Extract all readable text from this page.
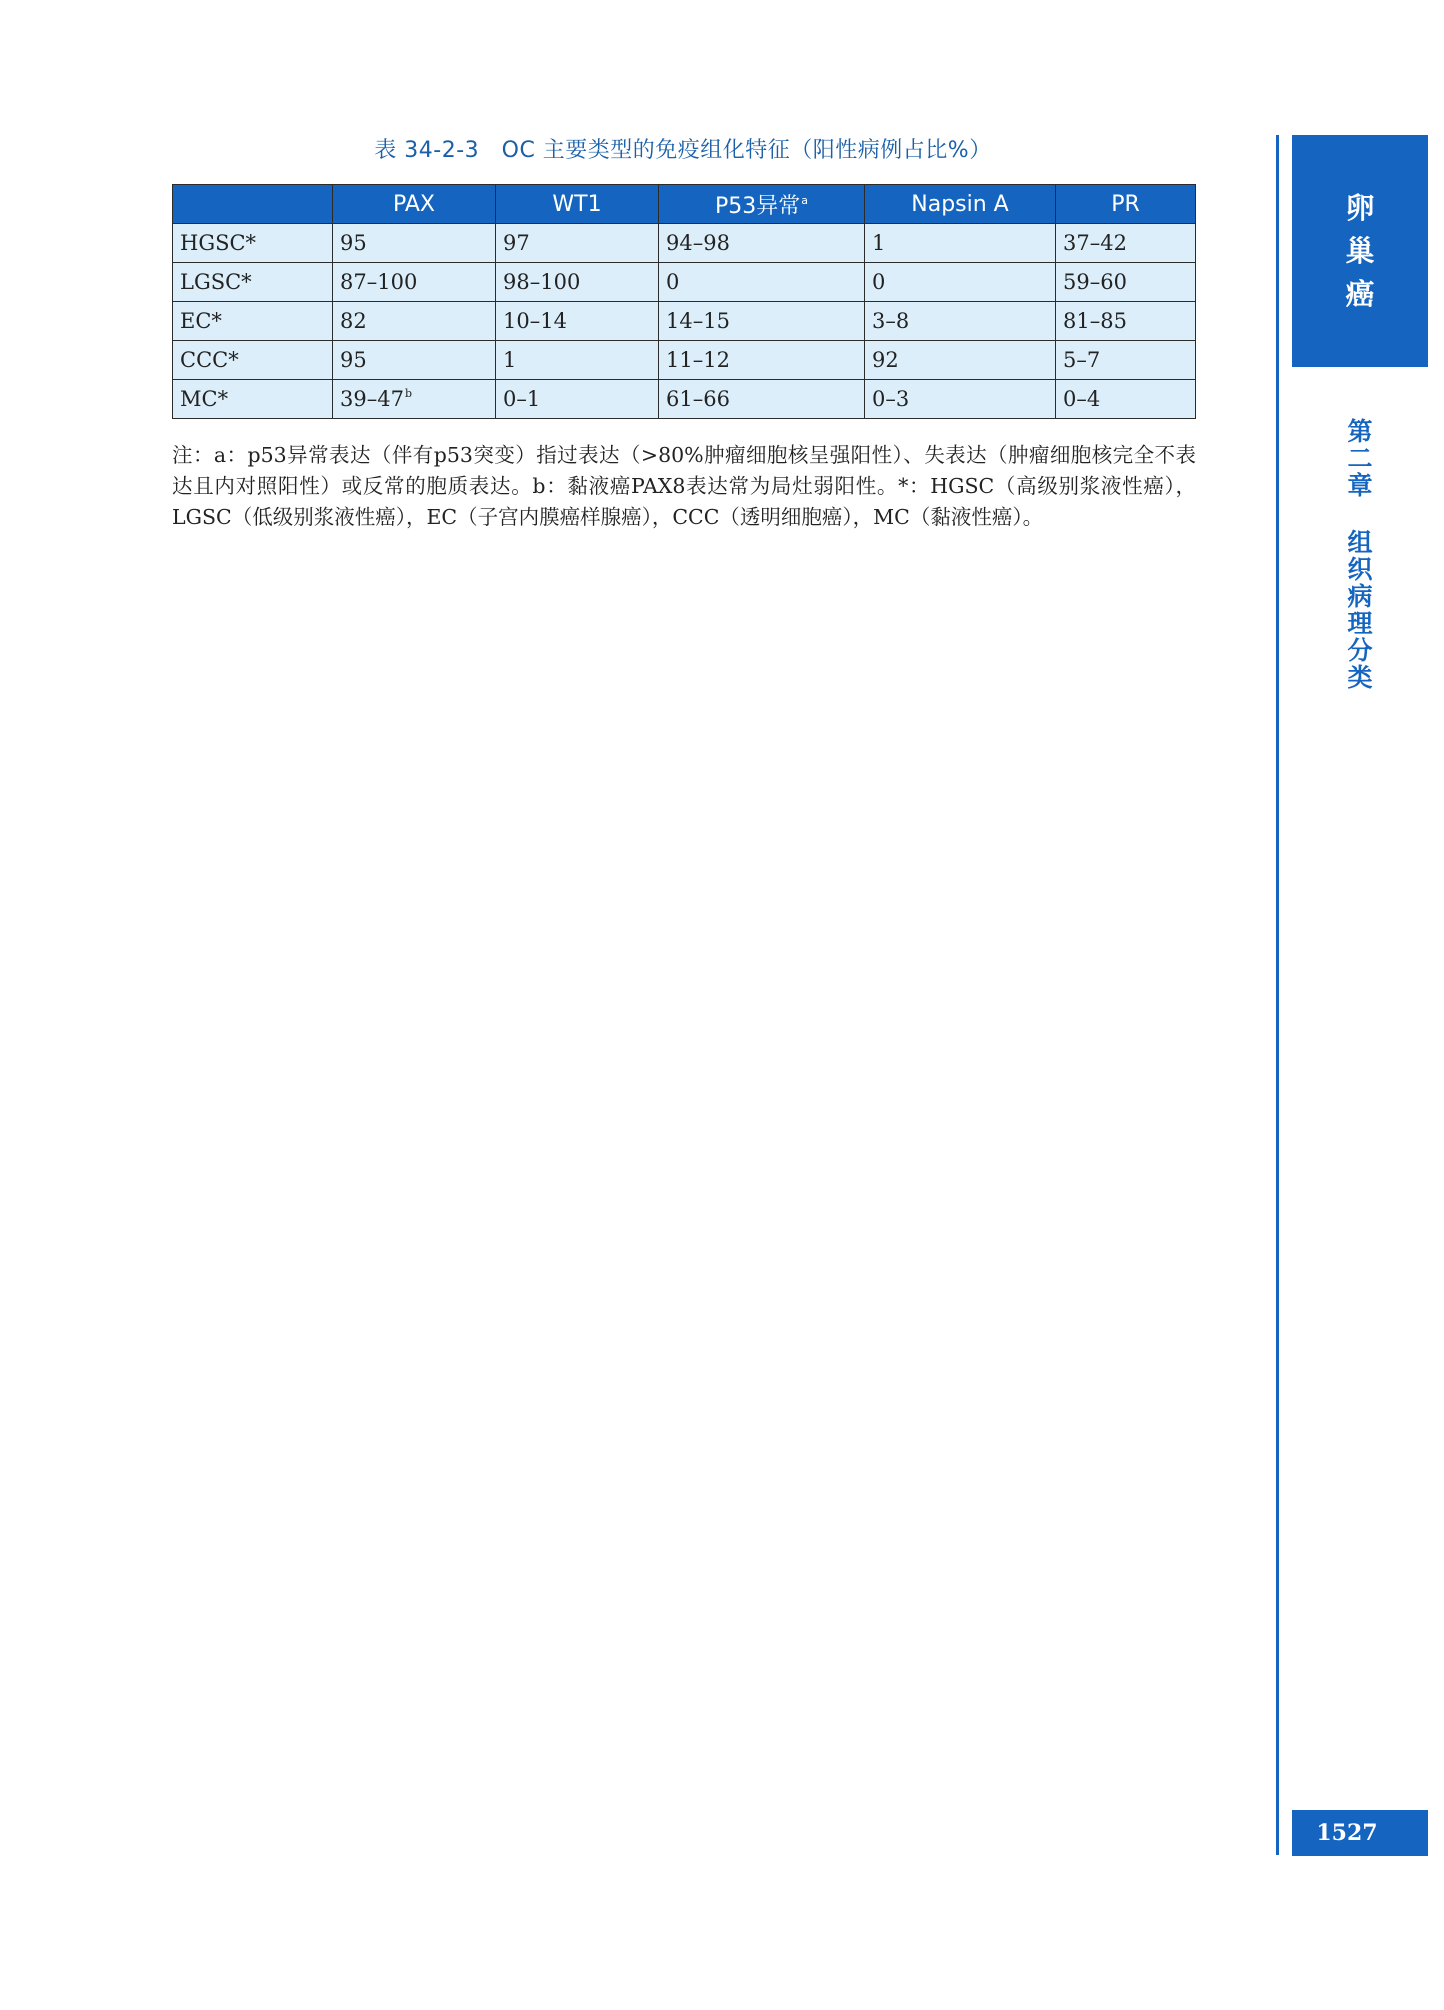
表 34-2-3　OC 主要类型的免疫组化特征（阳性病例占比%）
	PAX	WT1	P53异常$^a$	Napsin A	PR
HGSC*	95	97	94–98	1	37–42
LGSC*	87–100	98–100	0	0	59–60
EC*	82	10–14	14–15	3–8	81–85
CCC*	95	1	11–12	92	5–7
MC*	39–47$^b$	0–1	61–66	0–3	0–4
注：a：p53异常表达（伴有p53突变）指过表达（>80%肿瘤细胞核呈强阳性）、失表达（肿瘤细胞核完全不表达且内对照阳性）或反常的胞质表达。b：黏液癌PAX8表达常为局灶弱阳性。*：HGSC（高级别浆液性癌），LGSC（低级别浆液性癌），EC（子宫内膜癌样腺癌），CCC（透明细胞癌），MC（黏液性癌）。
卵
巢
癌
第
二
章
组
织
病
理
分
类
1527
